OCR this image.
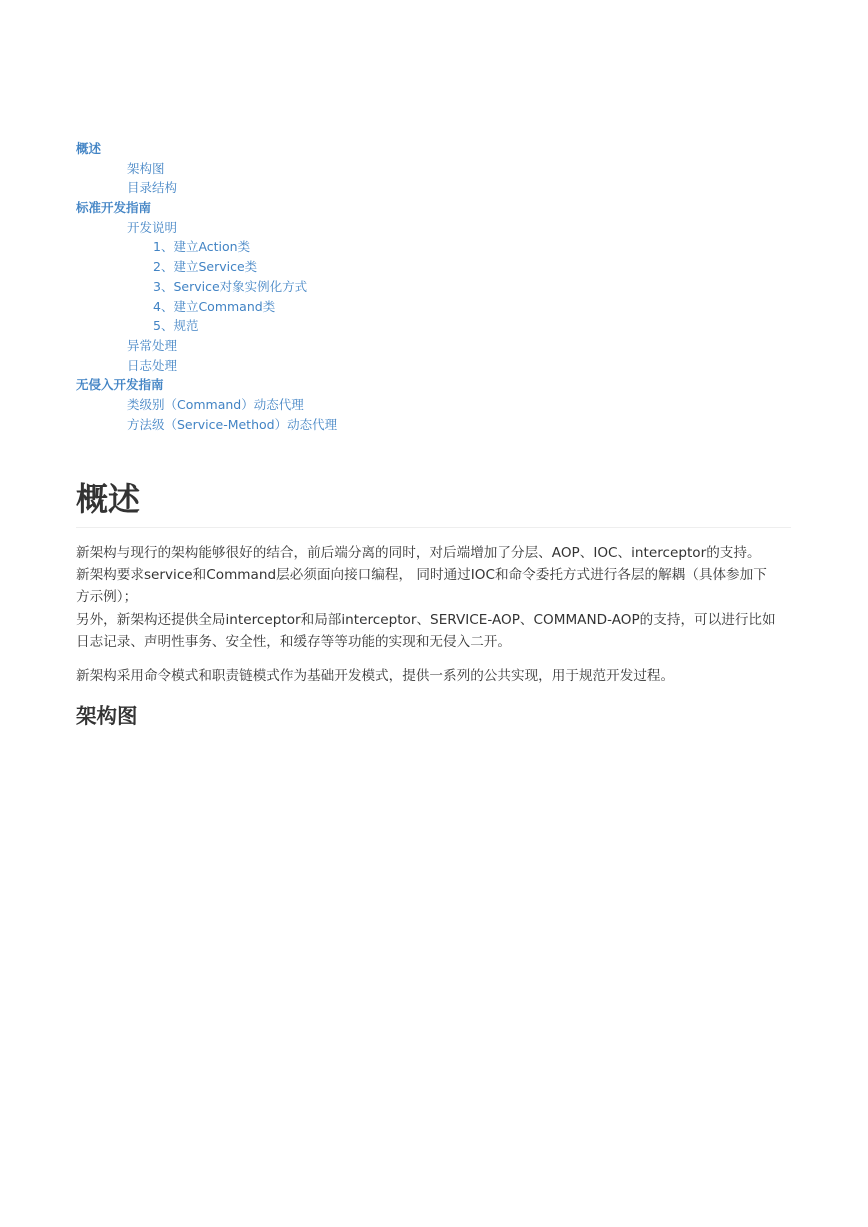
概述
架构图
目录结构
标准开发指南
开发说明
1、建立Action类
2、建立Service类
3、Service对象实例化方式
4、建立Command类
5、规范
异常处理
日志处理
无侵入开发指南
类级别（Command）动态代理
方法级（Service-Method）动态代理
概述

新架构与现行的架构能够很好的结合，前后端分离的同时，对后端增加了分层、AOP、IOC、interceptor的支持。
新架构要求service和Command层必须面向接口编程， 同时通过IOC和命令委托方式进行各层的解耦（具体参加下
方示例）；
另外，新架构还提供全局interceptor和局部interceptor、SERVICE-AOP、COMMAND-AOP的支持，可以进行比如
日志记录、声明性事务、安全性，和缓存等等功能的实现和无侵入二开。

新架构采用命令模式和职责链模式作为基础开发模式，提供一系列的公共实现，用于规范开发过程。

架构图
